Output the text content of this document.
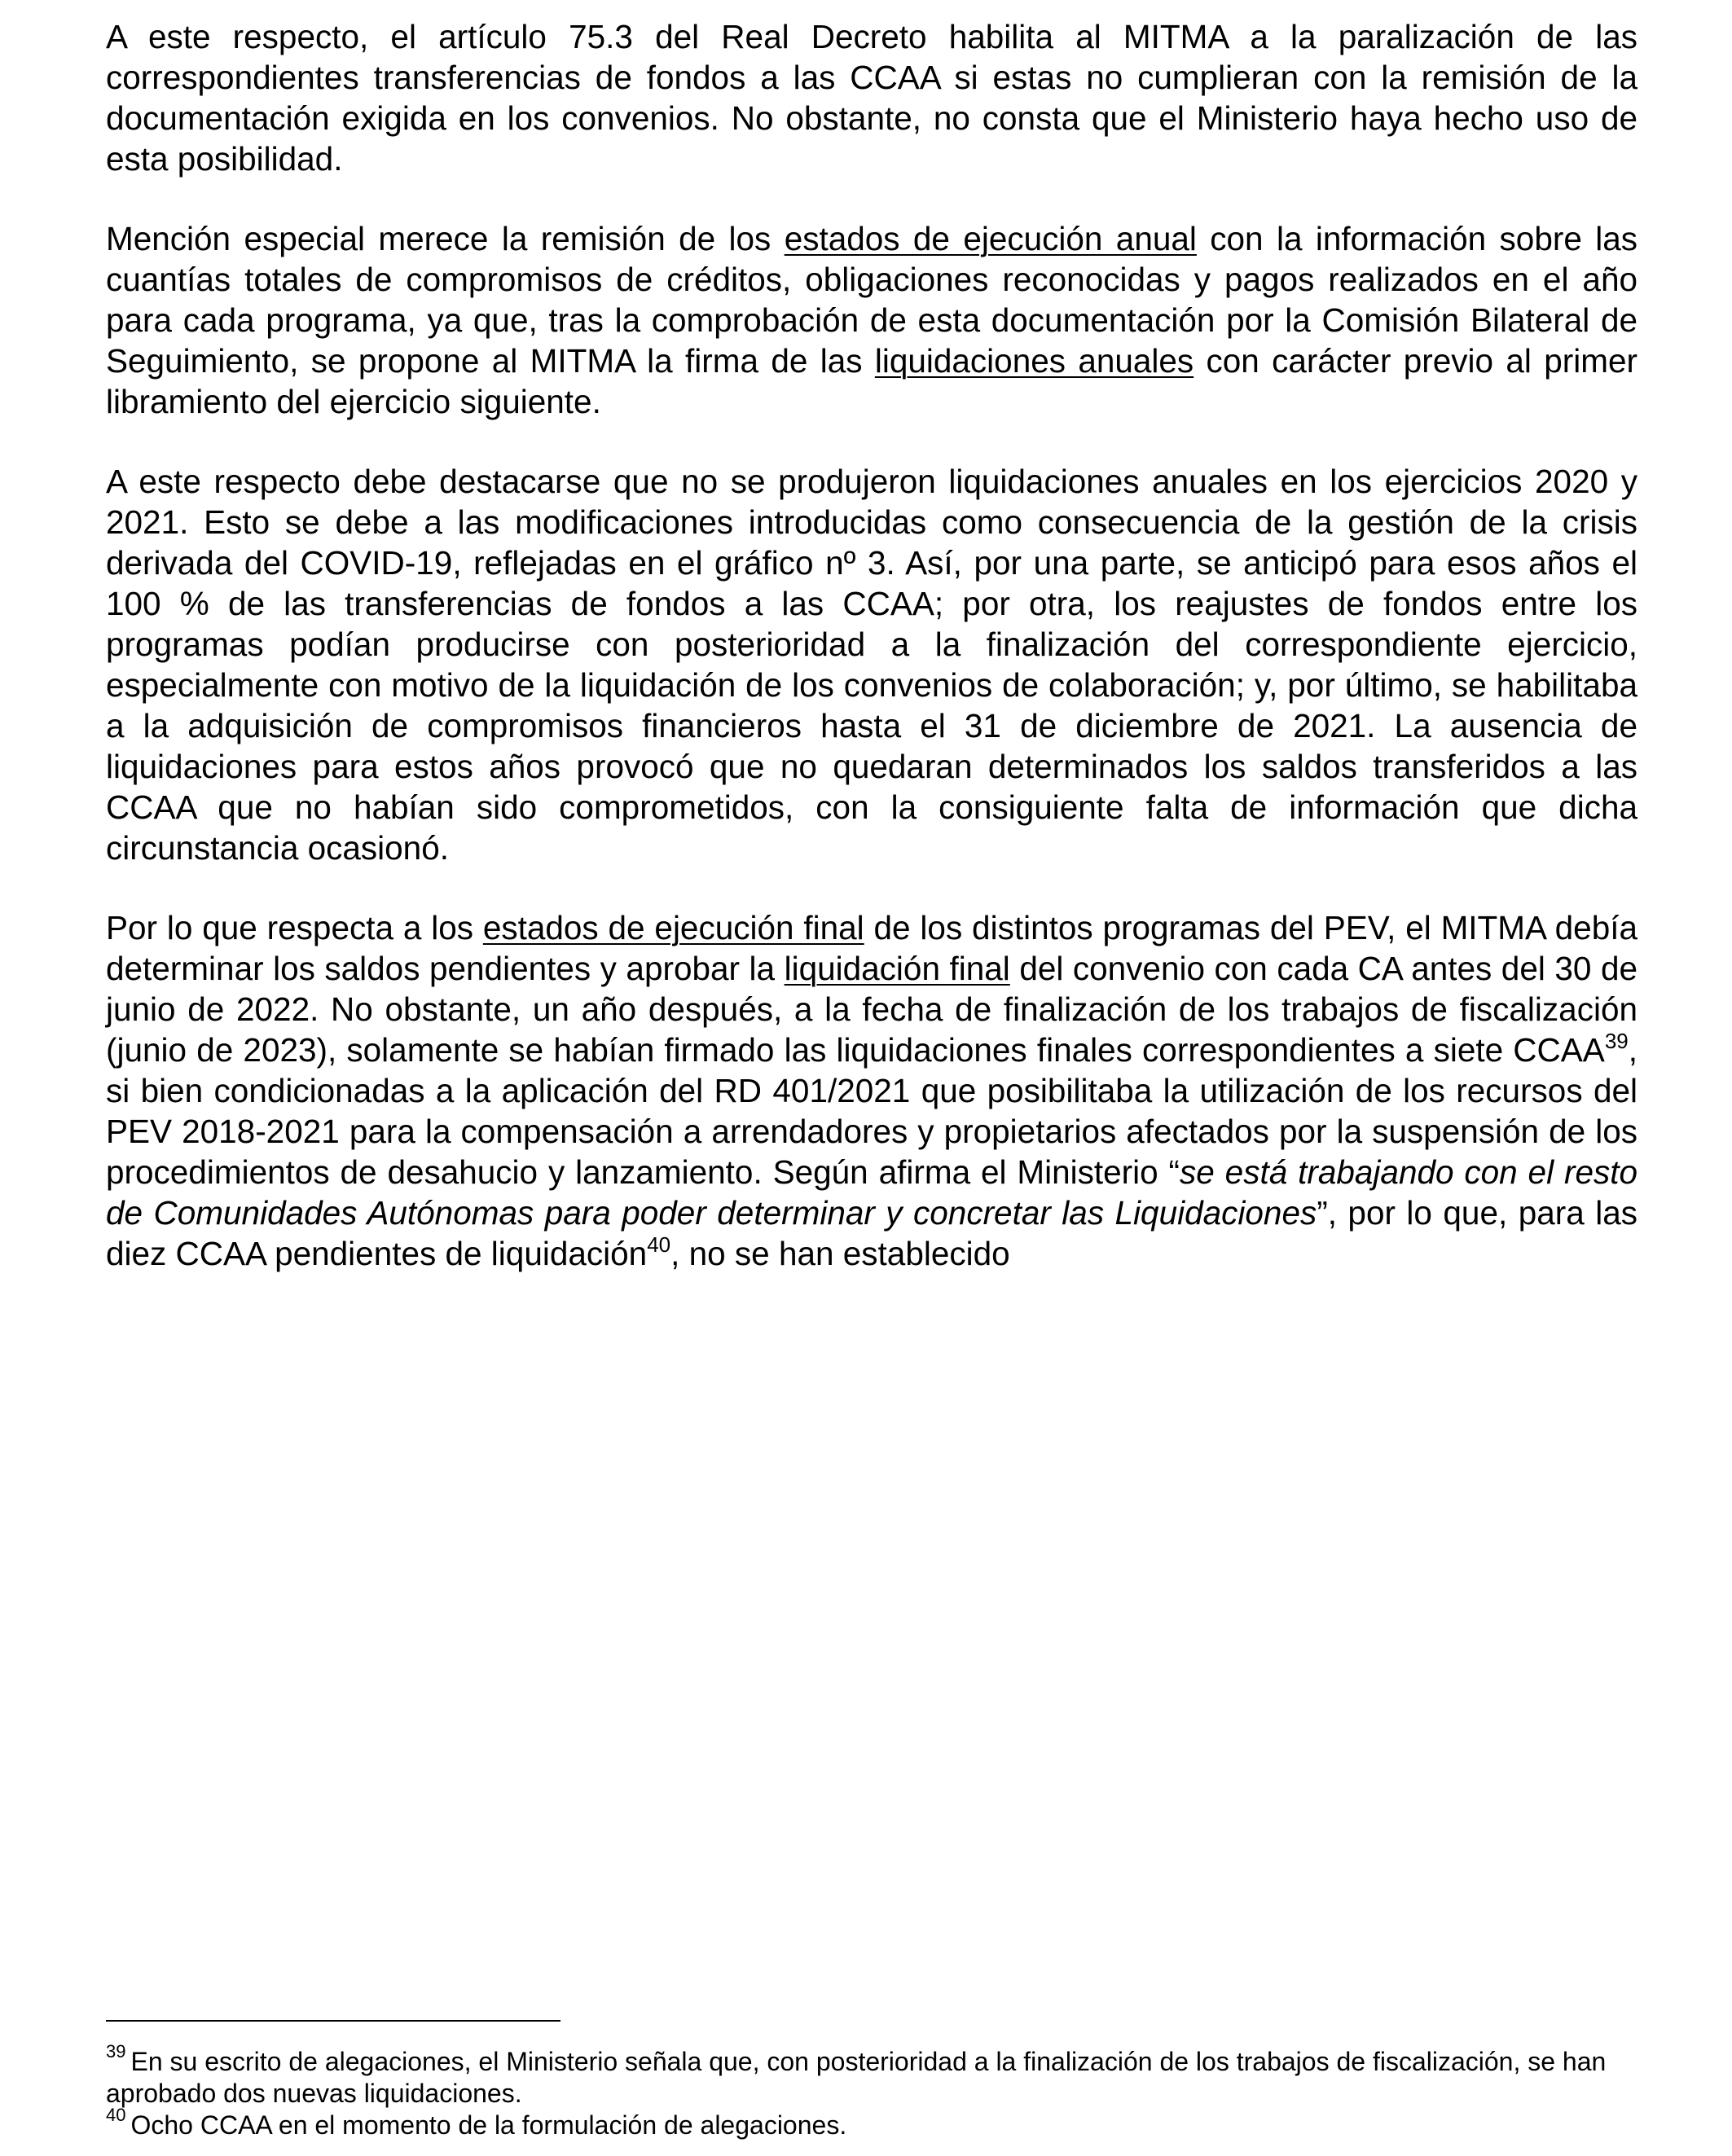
A este respecto, el artículo 75.3 del Real Decreto habilita al MITMA a la paralización de las correspondientes transferencias de fondos a las CCAA si estas no cumplieran con la remisión de la documentación exigida en los convenios. No obstante, no consta que el Ministerio haya hecho uso de esta posibilidad.

Mención especial merece la remisión de los estados de ejecución anual con la información sobre las cuantías totales de compromisos de créditos, obligaciones reconocidas y pagos realizados en el año para cada programa, ya que, tras la comprobación de esta documentación por la Comisión Bilateral de Seguimiento, se propone al MITMA la firma de las liquidaciones anuales con carácter previo al primer libramiento del ejercicio siguiente.

A este respecto debe destacarse que no se produjeron liquidaciones anuales en los ejercicios 2020 y 2021. Esto se debe a las modificaciones introducidas como consecuencia de la gestión de la crisis derivada del COVID-19, reflejadas en el gráfico nº 3. Así, por una parte, se anticipó para esos años el 100 % de las transferencias de fondos a las CCAA; por otra, los reajustes de fondos entre los programas podían producirse con posterioridad a la finalización del correspondiente ejercicio, especialmente con motivo de la liquidación de los convenios de colaboración; y, por último, se habilitaba a la adquisición de compromisos financieros hasta el 31 de diciembre de 2021. La ausencia de liquidaciones para estos años provocó que no quedaran determinados los saldos transferidos a las CCAA que no habían sido comprometidos, con la consiguiente falta de información que dicha circunstancia ocasionó.

Por lo que respecta a los estados de ejecución final de los distintos programas del PEV, el MITMA debía determinar los saldos pendientes y aprobar la liquidación final del convenio con cada CA antes del 30 de junio de 2022. No obstante, un año después, a la fecha de finalización de los trabajos de fiscalización (junio de 2023), solamente se habían firmado las liquidaciones finales correspondientes a siete CCAA$^{39}$, si bien condicionadas a la aplicación del RD 401/2021 que posibilitaba la utilización de los recursos del PEV 2018-2021 para la compensación a arrendadores y propietarios afectados por la suspensión de los procedimientos de desahucio y lanzamiento. Según afirma el Ministerio “se está trabajando con el resto de Comunidades Autónomas para poder determinar y concretar las Liquidaciones”, por lo que, para las diez CCAA pendientes de liquidación$^{40}$, no se han establecido

$^{39}$ En su escrito de alegaciones, el Ministerio señala que, con posterioridad a la finalización de los trabajos de fiscalización, se han aprobado dos nuevas liquidaciones.

$^{40}$ Ocho CCAA en el momento de la formulación de alegaciones.
